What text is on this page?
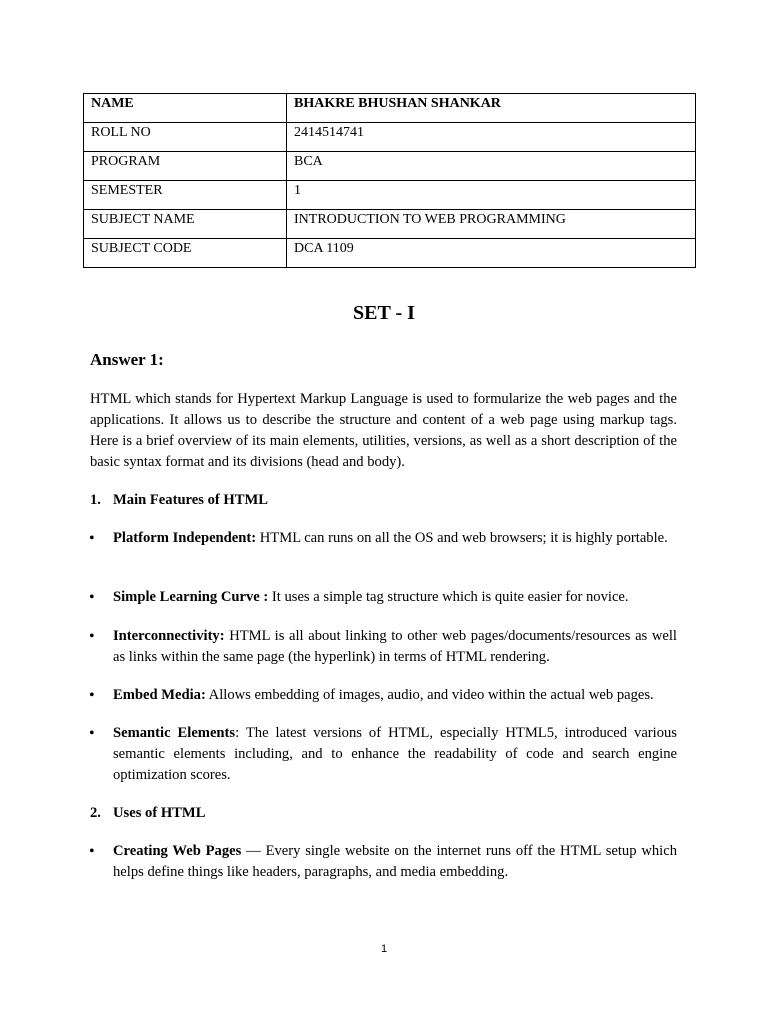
NAME	BHAKRE BHUSHAN SHANKAR
ROLL NO	2414514741
PROGRAM	BCA
SEMESTER	1
SUBJECT NAME	INTRODUCTION TO WEB PROGRAMMING
SUBJECT CODE	DCA 1109
SET - I
Answer 1:
HTML which stands for Hypertext Markup Language is used to formularize the web pages and the applications. It allows us to describe the structure and content of a web page using markup tags. Here is a brief overview of its main elements, utilities, versions, as well as a short description of the basic syntax format and its divisions (head and body).
1. Main Features of HTML
• Platform Independent: HTML can runs on all the OS and web browsers; it is highly portable.
• Simple Learning Curve : It uses a simple tag structure which is quite easier for novice.
• Interconnectivity: HTML is all about linking to other web pages/documents/resources as well as links within the same page (the hyperlink) in terms of HTML rendering.
• Embed Media: Allows embedding of images, audio, and video within the actual web pages.
• Semantic Elements: The latest versions of HTML, especially HTML5, introduced various semantic elements including, and to enhance the readability of code and search engine optimization scores.
2. Uses of HTML
• Creating Web Pages — Every single website on the internet runs off the HTML setup which helps define things like headers, paragraphs, and media embedding.
1
